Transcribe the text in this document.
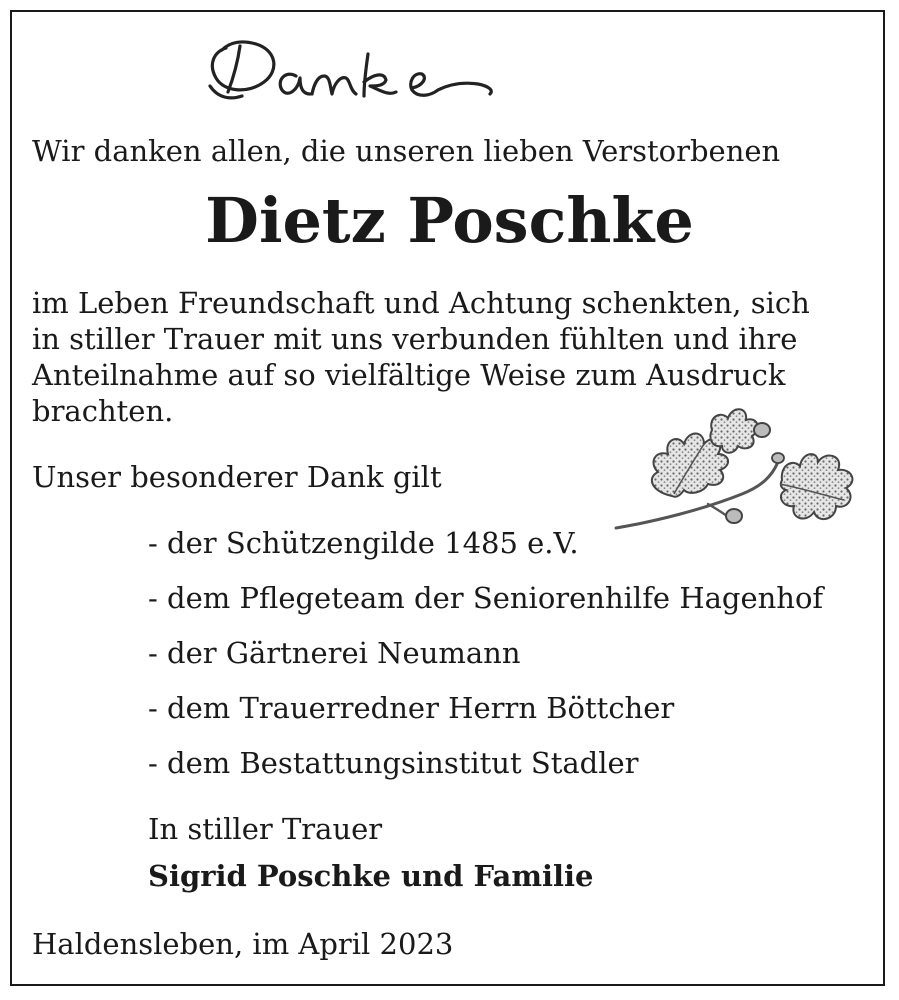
Wir danken allen, die unseren lieben Verstorbenen
Dietz Poschke
im Leben Freundschaft und Achtung schenkten, sich
in stiller Trauer mit uns verbunden fühlten und ihre
Anteilnahme auf so vielfältige Weise zum Ausdruck
brachten.
Unser besonderer Dank gilt
- der Schützengilde 1485 e.V.
- dem Pflegeteam der Seniorenhilfe Hagenhof
- der Gärtnerei Neumann
- dem Trauerredner Herrn Böttcher
- dem Bestattungsinstitut Stadler
In stiller Trauer
Sigrid Poschke und Familie
Haldensleben, im April 2023
